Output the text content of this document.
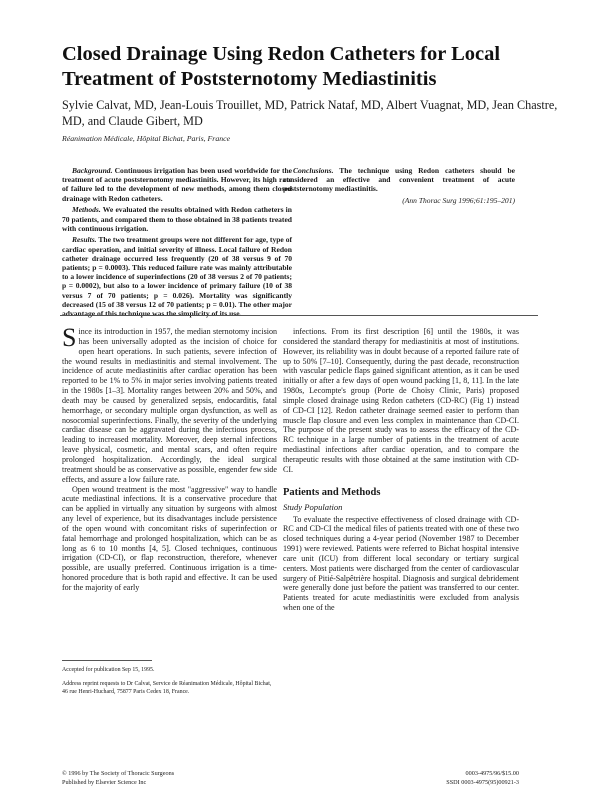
Closed Drainage Using Redon Catheters for Local Treatment of Poststernotomy Mediastinitis
Sylvie Calvat, MD, Jean-Louis Trouillet, MD, Patrick Nataf, MD, Albert Vuagnat, MD, Jean Chastre, MD, and Claude Gibert, MD
Réanimation Médicale, Hôpital Bichat, Paris, France

Background. Continuous irrigation has been used worldwide for the treatment of acute poststernotomy mediastinitis. However, its high rate of failure led to the development of new methods, among them closed drainage with Redon catheters.

Methods. We evaluated the results obtained with Redon catheters in 70 patients, and compared them to those obtained in 38 patients treated with continuous irrigation.

Results. The two treatment groups were not different for age, type of cardiac operation, and initial severity of illness. Local failure of Redon catheter drainage occurred less frequently (20 of 38 versus 9 of 70 patients; p = 0.0003). This reduced failure rate was mainly attributable to a lower incidence of superinfections (20 of 38 versus 2 of 70 patients; p = 0.0002), but also to a lower incidence of primary failure (10 of 38 versus 7 of 70 patients; p = 0.026). Mortality was significantly decreased (15 of 38 versus 12 of 70 patients; p = 0.01). The other major advantage of this technique was the simplicity of its use.

Conclusions. The technique using Redon catheters should be considered an effective and convenient treatment of acute poststernotomy mediastinitis.

(Ann Thorac Surg 1996;61:195–201)

Since its introduction in 1957, the median sternotomy incision has been universally adopted as the incision of choice for open heart operations. In such patients, severe infection of the wound results in mediastinitis and sternal involvement. The incidence of acute mediastinitis after cardiac operation has been reported to be 1% to 5% in major series involving patients treated in the 1980s [1–3]. Mortality ranges between 20% and 50%, and death may be caused by generalized sepsis, endocarditis, fatal hemorrhage, or secondary multiple organ dysfunction, as well as nosocomial superinfections. Finally, the severity of the underlying cardiac disease can be aggravated during the infectious process, leading to increased mortality. Moreover, deep sternal infections leave physical, cosmetic, and mental scars, and often require prolonged hospitalization. Accordingly, the ideal surgical treatment should be as conservative as possible, engender few side effects, and assure a low failure rate.

Open wound treatment is the most "aggressive" way to handle acute mediastinal infections. It is a conservative procedure that can be applied in virtually any situation by surgeons with almost any level of experience, but its disadvantages include persistence of the open wound with concomitant risks of superinfection or fatal hemorrhage and prolonged hospitalization, which can be as long as 6 to 10 months [4, 5]. Closed techniques, continuous irrigation (CD-CI), or flap reconstruction, therefore, whenever possible, are usually preferred. Continuous irrigation is a time-honored procedure that is both rapid and effective. It can be used for the majority of early

Accepted for publication Sep 15, 1995.
Address reprint requests to Dr Calvat, Service de Réanimation Médicale, Hôpital Bichat, 46 rue Henri-Huchard, 75877 Paris Cedex 18, France.

infections. From its first description [6] until the 1980s, it was considered the standard therapy for mediastinitis at most of institutions. However, its reliability was in doubt because of a reported failure rate of up to 50% [7–10]. Consequently, during the past decade, reconstruction with vascular pedicle flaps gained significant attention, as it can be used initially or after a few days of open wound packing [1, 8, 11]. In the late 1980s, Lecompte's group (Porte de Choisy Clinic, Paris) proposed simple closed drainage using Redon catheters (CD-RC) (Fig 1) instead of CD-CI [12]. Redon catheter drainage seemed easier to perform than muscle flap closure and even less complex in maintenance than CD-CI. The purpose of the present study was to assess the efficacy of the CD-RC technique in a large number of patients in the treatment of acute mediastinal infections after cardiac operation, and to compare the therapeutic results with those obtained at the same institution with CD-CI.

Patients and Methods
Study Population

To evaluate the respective effectiveness of closed drainage with CD-RC and CD-CI the medical files of patients treated with one of these two closed techniques during a 4-year period (November 1987 to December 1991) were reviewed. Patients were referred to Bichat hospital intensive care unit (ICU) from different local secondary or tertiary surgical centers. Most patients were discharged from the center of cardiovascular surgery of Pitié-Salpêtrière hospital. Diagnosis and surgical debridement were generally done just before the patient was transferred to our center. Patients treated for acute mediastinitis were excluded from analysis when one of the

© 1996 by The Society of Thoracic Surgeons
Published by Elsevier Science Inc
0003-4975/96/$15.00
SSDI 0003-4975(95)00921-3
